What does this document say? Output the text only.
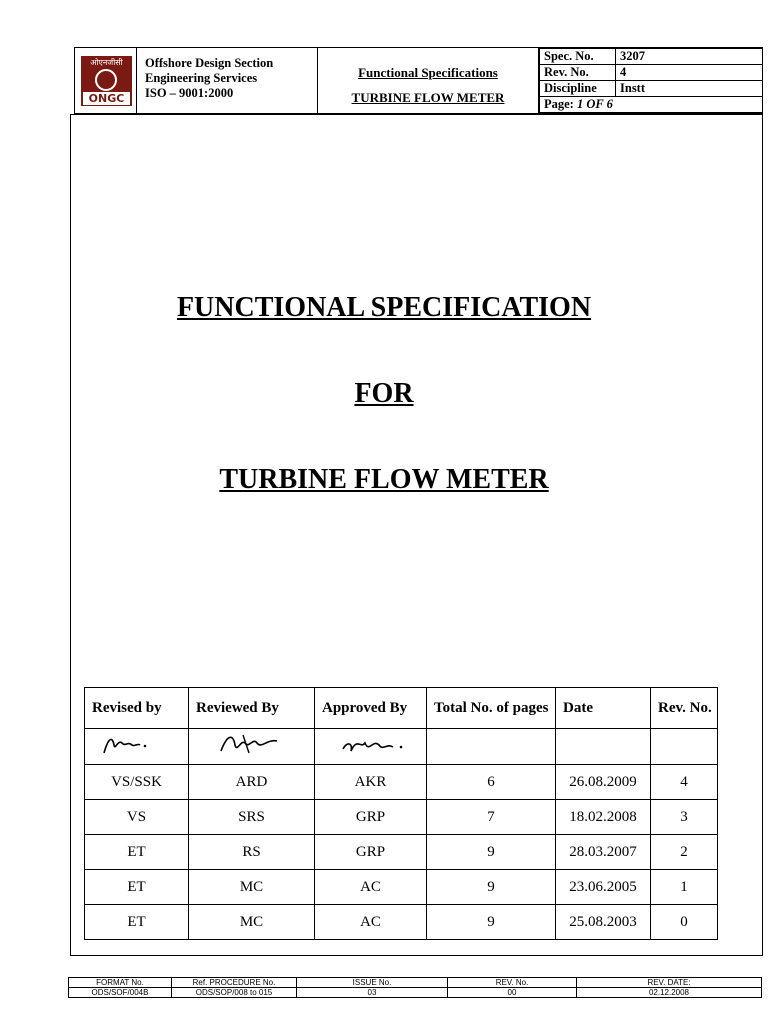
ओएनजीसी
ONGC
Offshore Design Section
Engineering Services
ISO – 9001:2000
Functional Specifications
TURBINE FLOW METER
Spec. No.	3207
Rev. No.	4
Discipline	Instt
Page: 1 OF 6	
FUNCTIONAL SPECIFICATION
FOR
TURBINE FLOW METER
Revised by	Reviewed By	Approved By	Total No. of pages	Date	Rev. No.

VS/SSK	ARD	AKR	6	26.08.2009	4
VS	SRS	GRP	7	18.02.2008	3
ET	RS	GRP	9	28.03.2007	2
ET	MC	AC	9	23.06.2005	1
ET	MC	AC	9	25.08.2003	0
FORMAT No.	Ref. PROCEDURE No.	ISSUE No.	REV. No.	REV. DATE:
ODS/SOF/004B	ODS/SOP/008 to 015	03	00	02.12.2008
